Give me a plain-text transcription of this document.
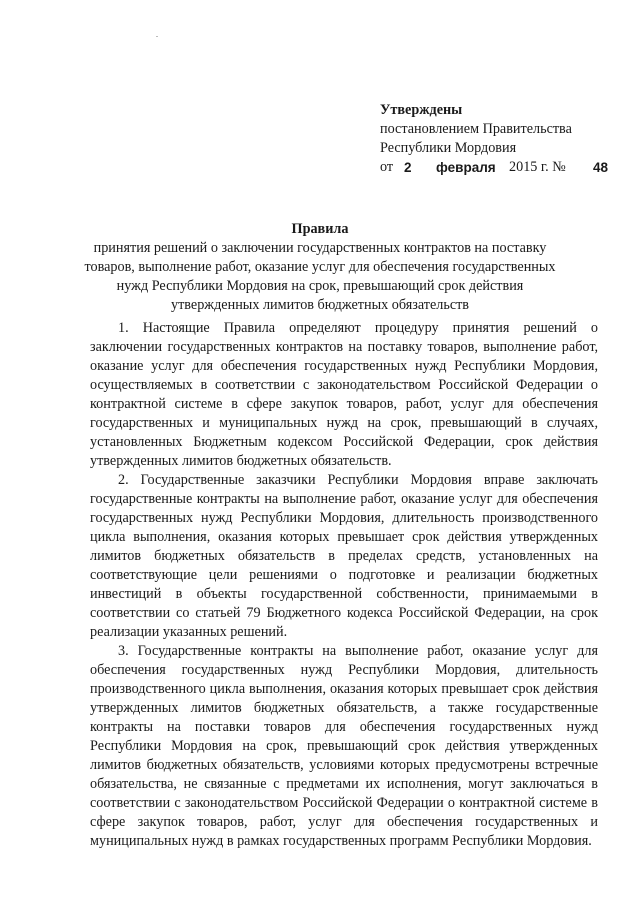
Утверждены
постановлением Правительства
Республики Мордовия
от 2 февраля 2015 г. № 48
Правила
принятия решений о заключении государственных контрактов на поставку
товаров, выполнение работ, оказание услуг для обеспечения государственных
нужд Республики Мордовия на срок, превышающий срок действия
утвержденных лимитов бюджетных обязательств

1. Настоящие Правила определяют процедуру принятия решений о заключении государственных контрактов на поставку товаров, выполнение работ, оказание услуг для обеспечения государственных нужд Республики Мордовия, осуществляемых в соответствии с законодательством Российской Федерации о контрактной системе в сфере закупок товаров, работ, услуг для обеспечения государственных и муниципальных нужд на срок, превышающий в случаях, установленных Бюджетным кодексом Российской Федерации, срок действия утвержденных лимитов бюджетных обязательств.

2. Государственные заказчики Республики Мордовия вправе заключать государственные контракты на выполнение работ, оказание услуг для обеспечения государственных нужд Республики Мордовия, длительность производственного цикла выполнения, оказания которых превышает срок действия утвержденных лимитов бюджетных обязательств в пределах средств, установленных на соответствующие цели решениями о подготовке и реализации бюджетных инвестиций в объекты государственной собственности, принимаемыми в соответствии со статьей 79 Бюджетного кодекса Российской Федерации, на срок реализации указанных решений.

3. Государственные контракты на выполнение работ, оказание услуг для обеспечения государственных нужд Республики Мордовия, длительность производственного цикла выполнения, оказания которых превышает срок действия утвержденных лимитов бюджетных обязательств, а также государственные контракты на поставки товаров для обеспечения государственных нужд Республики Мордовия на срок, превышающий срок действия утвержденных лимитов бюджетных обязательств, условиями которых предусмотрены встречные обязательства, не связанные с предметами их исполнения, могут заключаться в соответствии с законодательством Российской Федерации о контрактной системе в сфере закупок товаров, работ, услуг для обеспечения государственных и муниципальных нужд в рамках государственных программ Республики Мордовия.
